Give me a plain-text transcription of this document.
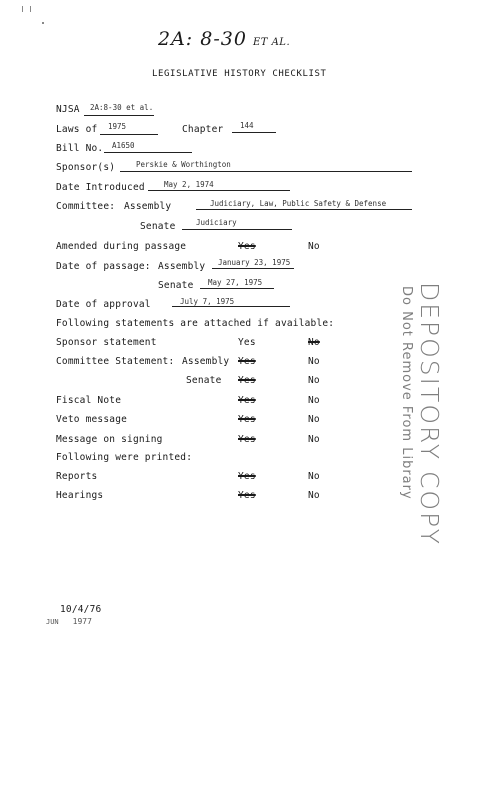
2A: 8-30 ET AL.
LEGISLATIVE HISTORY CHECKLIST
NJSA 2A:8-30 et al.
Laws of 1975	Chapter 144
Bill No. A1650
Sponsor(s)	Perskie & Worthington
Date Introduced	May 2, 1974
Committee: Assembly	Judiciary, Law, Public Safety & Defense
Senate	Judiciary
Amended during passage	Yes	No
Date of passage: Assembly January 23, 1975
Senate May 27, 1975
Date of approval	July 7, 1975
Following statements are attached if available:
Sponsor statement	Yes	No
Committee Statement: Assembly Yes	No
Senate Yes	No
Fiscal Note	Yes	No
Veto message	Yes	No
Message on signing	Yes	No
Following were printed:
Reports	Yes	No
Hearings	Yes	No
10/4/76
JUN 1977
DEPOSITORY COPY
Do Not Remove From Library
